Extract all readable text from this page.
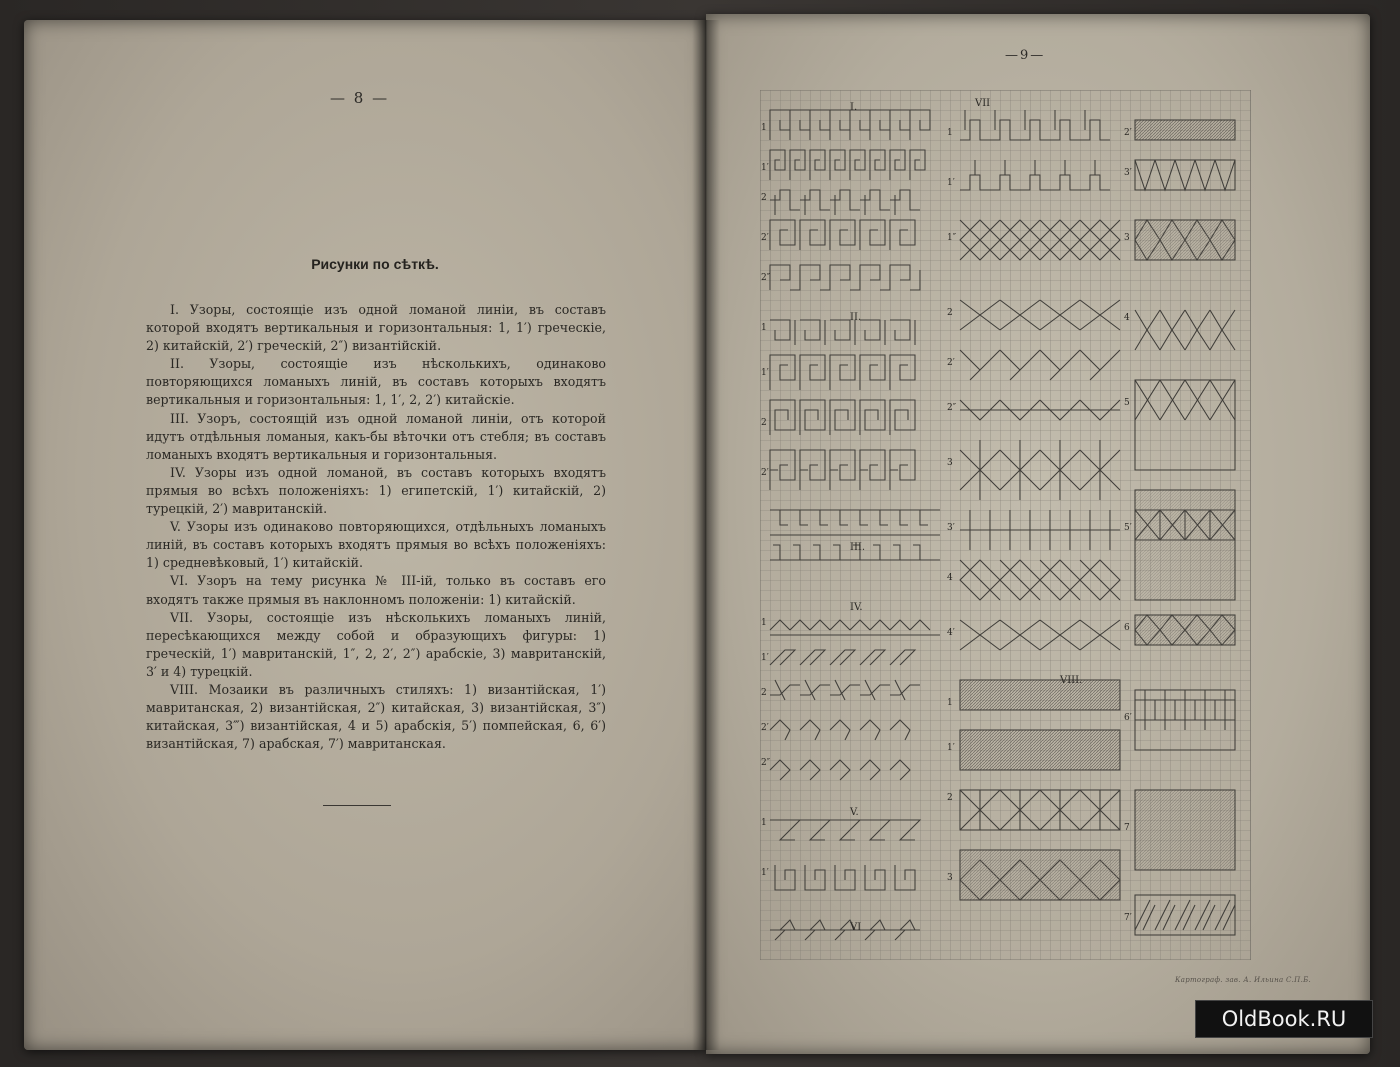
— 8 —
Рисунки по сѣткѣ.

I. Узоры, состоящіе изъ одной ломаной линіи, въ составъ которой входятъ вертикальныя и горизонтальныя: 1, 1′) греческіе, 2) китайскій, 2′) греческій, 2″) византійскій.

II. Узоры, состоящіе изъ нѣсколькихъ, одинаково повторяющихся ломаныхъ линій, въ составъ которыхъ входятъ вертикальныя и горизонтальныя: 1, 1′, 2, 2′) китайскіе.

III. Узоръ, состоящій изъ одной ломаной линіи, отъ которой идутъ отдѣльныя ломаныя, какъ-бы вѣточки отъ стебля; въ составъ ломаныхъ входятъ вертикальныя и горизонтальныя.

IV. Узоры изъ одной ломаной, въ составъ которыхъ входятъ прямыя во всѣхъ положеніяхъ: 1) египетскій, 1′) китайскій, 2) турецкій, 2′) мавританскій.

V. Узоры изъ одинаково повторяющихся, отдѣльныхъ ломаныхъ линій, въ составъ которыхъ входятъ прямыя во всѣхъ положеніяхъ: 1) средневѣковый, 1′) китайскій.

VI. Узоръ на тему рисунка № III-ій, только въ составъ его входятъ также прямыя въ наклонномъ положеніи: 1) китайскій.

VII. Узоры, состоящіе изъ нѣсколькихъ ломаныхъ линій, пересѣкающихся между собой и образующихъ фигуры: 1) греческій, 1′) мавританскій, 1″, 2, 2′, 2″) арабскіе, 3) мавританскій, 3′ и 4) турецкій.

VIII. Мозаики въ различныхъ стиляхъ: 1) византійская, 1′) мавританская, 2) византійская, 2″) китайская, 3) византійская, 3″) китайская, 3‴) византійская, 4 и 5) арабскія, 5′) помпейская, 6, 6′) византійская, 7) арабская, 7′) мавританская.

—9—
I.
II.
III.
IV.
V.
VI
VII
VIII.
1
1′
2
2′
2″
1
1′
2
2′
1
1′
2
2′
2″
1
1′
1
1′
1″
2
2′
2″
3
3′
4
4′
1
1′
2
3
2′
3′
3
4
5
5′
6
6′
7
7′
Картограф. зав. А. Ильина С.П.Б.
OldBook.RU
